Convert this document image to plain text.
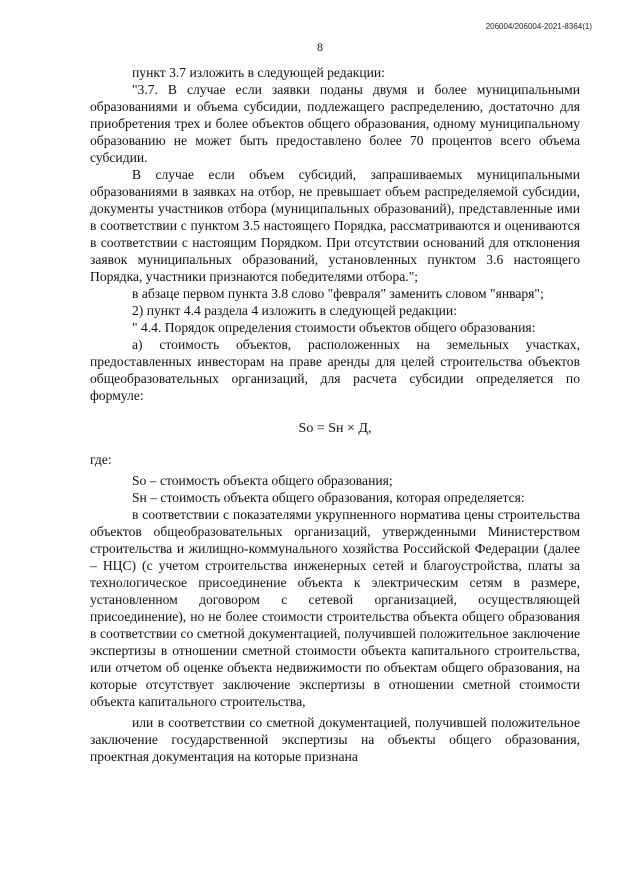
206004/206004-2021-8364(1)
8

пункт 3.7 изложить в следующей редакции:

"3.7. В случае если заявки поданы двумя и более муниципальными образованиями и объема субсидии, подлежащего распределению, достаточно для приобретения трех и более объектов общего образования, одному муниципальному образованию не может быть предоставлено более 70 процентов всего объема субсидии.

В случае если объем субсидий, запрашиваемых муниципальными образованиями в заявках на отбор, не превышает объем распределяемой субсидии, документы участников отбора (муниципальных образований), представленные ими в соответствии с пунктом 3.5 настоящего Порядка, рассматриваются и оцениваются в соответствии с настоящим Порядком. При отсутствии оснований для отклонения заявок муниципальных образований, установленных пунктом 3.6 настоящего Порядка, участники признаются победителями отбора.";

в абзаце первом пункта 3.8 слово "февраля" заменить словом "января";

2) пункт 4.4 раздела 4 изложить в следующей редакции:

" 4.4. Порядок определения стоимости объектов общего образования:

а) стоимость объектов, расположенных на земельных участках, предоставленных инвесторам на праве аренды для целей строительства объектов общеобразовательных организаций, для расчета субсидии определяется по формуле:

Sо = Sн × Д,

где:

Sо – стоимость объекта общего образования;

Sн – стоимость объекта общего образования, которая определяется:

в соответствии с показателями укрупненного норматива цены строительства объектов общеобразовательных организаций, утвержденными Министерством строительства и жилищно-коммунального хозяйства Российской Федерации (далее – НЦС) (с учетом строительства инженерных сетей и благоустройства, платы за технологическое присоединение объекта к электрическим сетям в размере, установленном договором с сетевой организацией, осуществляющей присоединение), но не более стоимости строительства объекта общего образования в соответствии со сметной документацией, получившей положительное заключение экспертизы в отношении сметной стоимости объекта капитального строительства, или отчетом об оценке объекта недвижимости по объектам общего образования, на которые отсутствует заключение экспертизы в отношении сметной стоимости объекта капитального строительства,

или в соответствии со сметной документацией, получившей положительное заключение государственной экспертизы на объекты общего образования, проектная документация на которые признана
